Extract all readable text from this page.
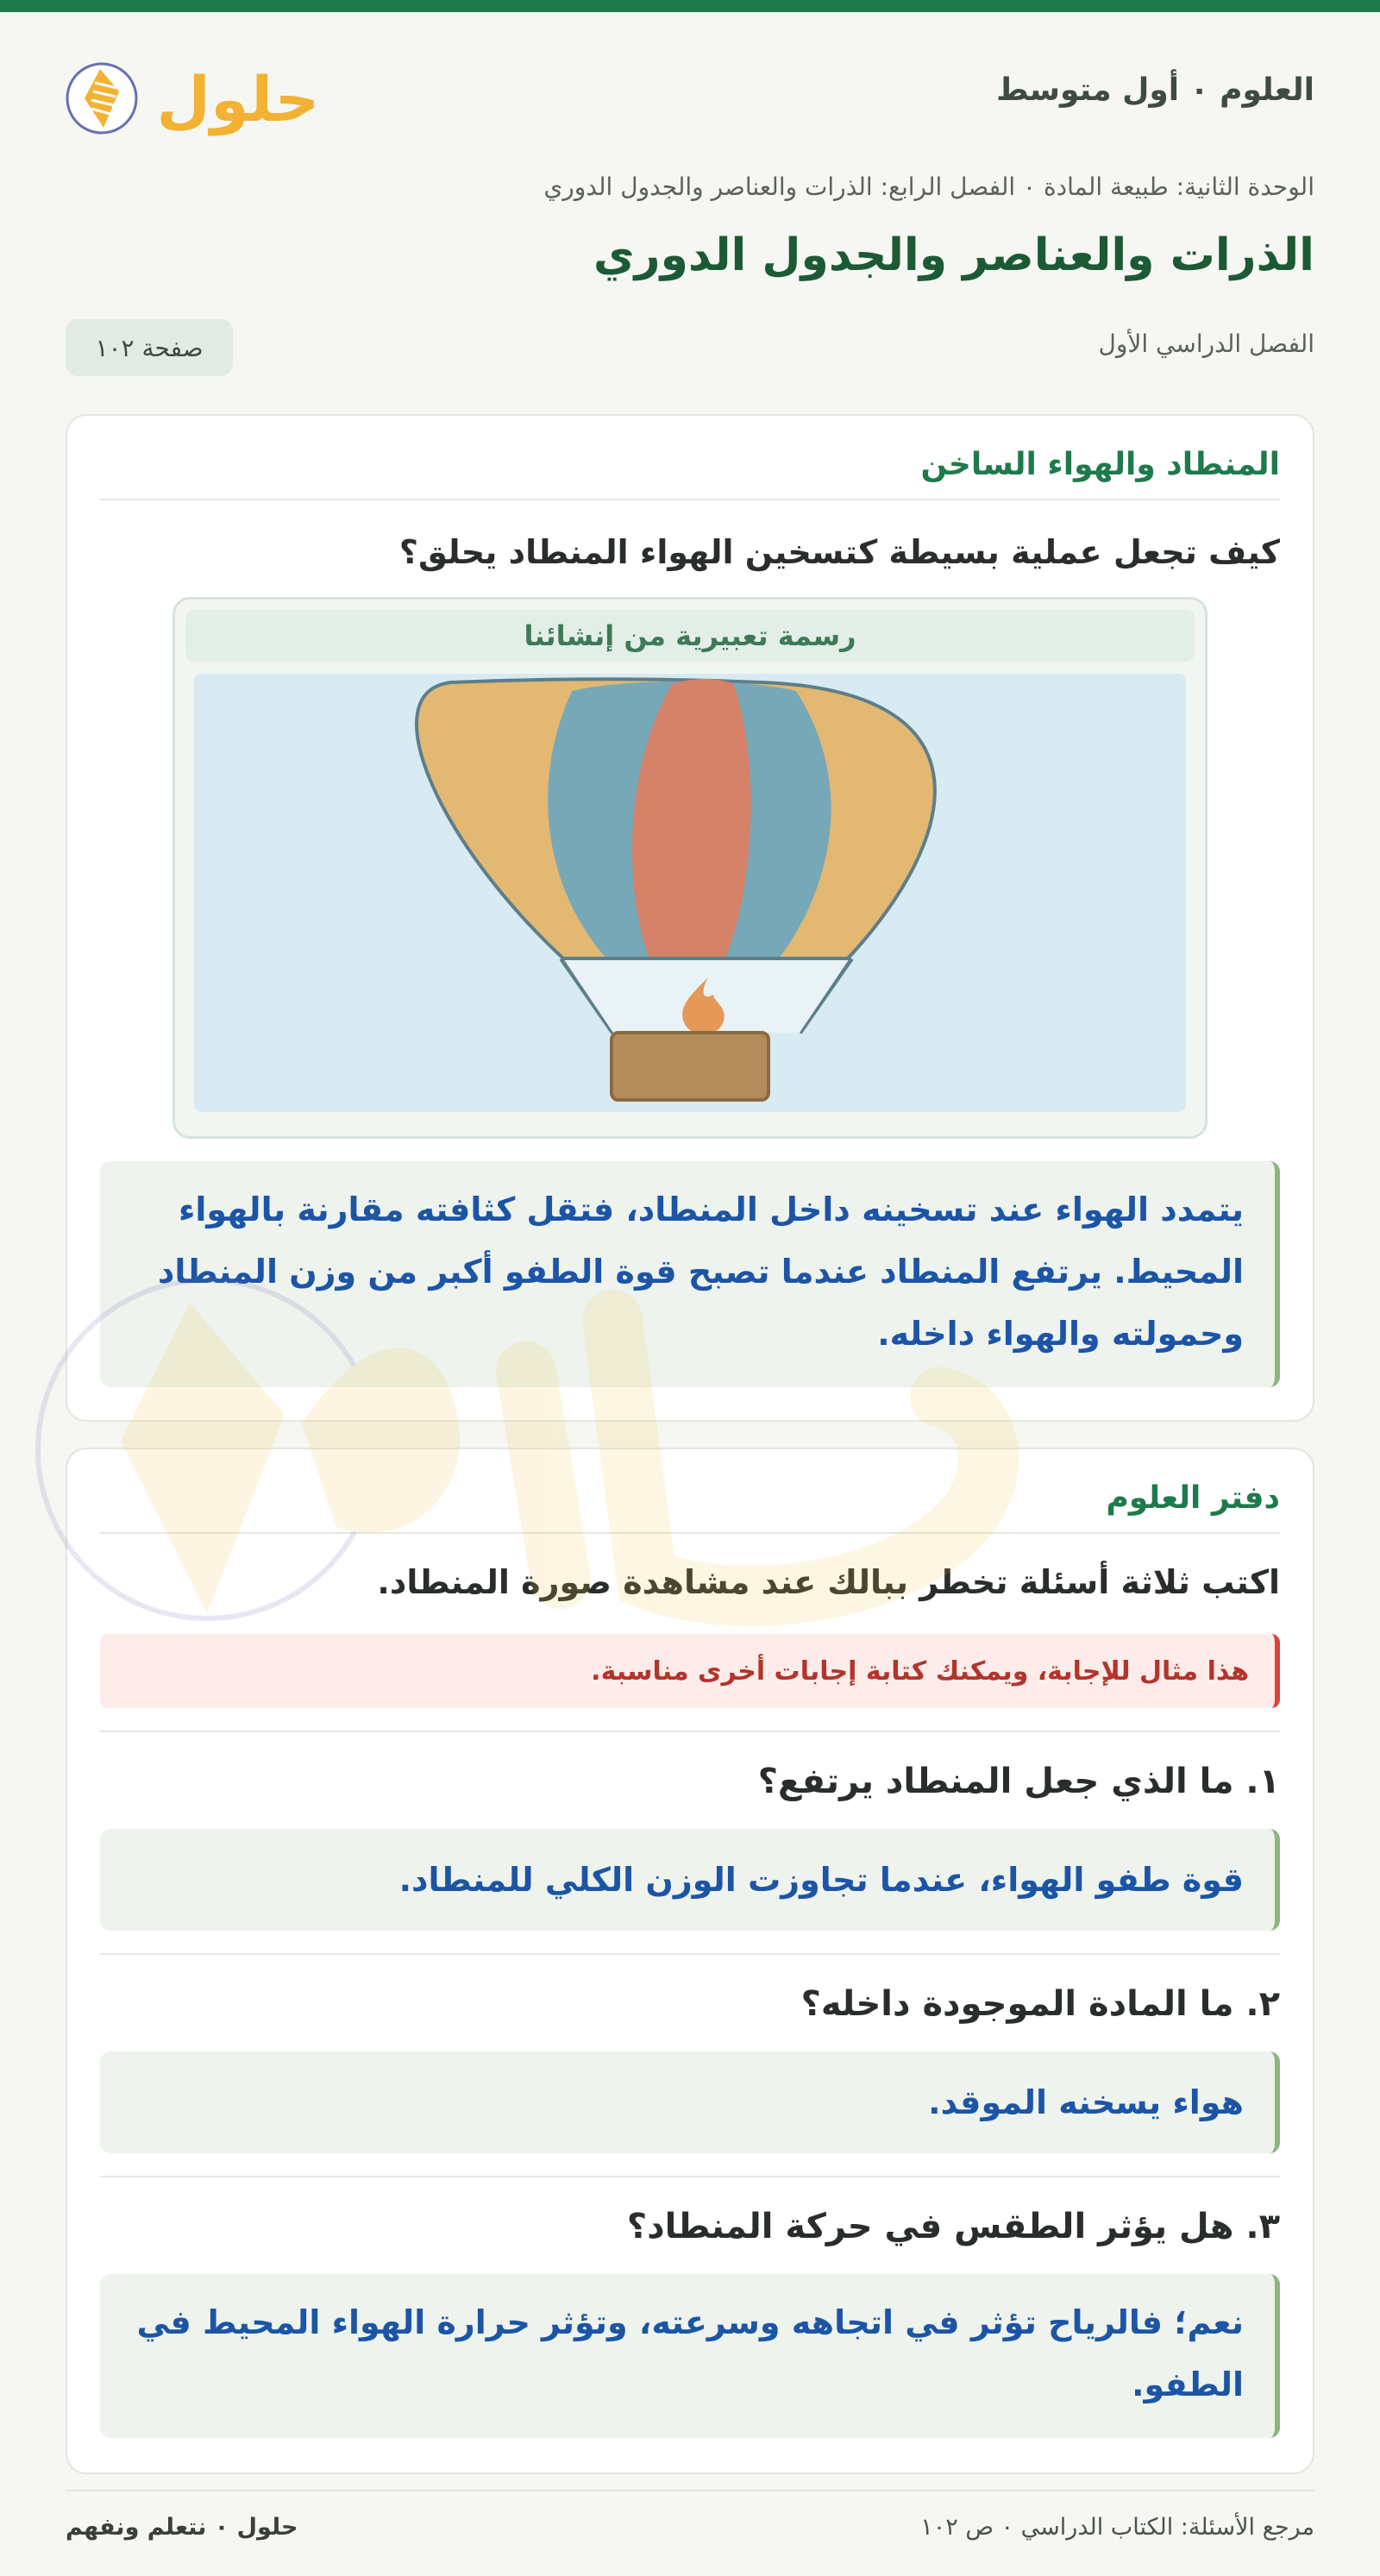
العلوم ٠ أول متوسط
حلول
الوحدة الثانية: طبيعة المادة ٠ الفصل الرابع: الذرات والعناصر والجدول الدوري
الذرات والعناصر والجدول الدوري
الفصل الدراسي الأول
صفحة ١٠٢
المنطاد والهواء الساخن
كيف تجعل عملية بسيطة كتسخين الهواء المنطاد يحلق؟
رسمة تعبيرية من إنشائنا
يتمدد الهواء عند تسخينه داخل المنطاد، فتقل كثافته مقارنة بالهواء المحيط. يرتفع المنطاد عندما تصبح قوة الطفو أكبر من وزن المنطاد وحمولته والهواء داخله.
دفتر العلوم
اكتب ثلاثة أسئلة تخطر ببالك عند مشاهدة صورة المنطاد.
هذا مثال للإجابة، ويمكنك كتابة إجابات أخرى مناسبة.
١. ما الذي جعل المنطاد يرتفع؟
قوة طفو الهواء، عندما تجاوزت الوزن الكلي للمنطاد.
٢. ما المادة الموجودة داخله؟
هواء يسخنه الموقد.
٣. هل يؤثر الطقس في حركة المنطاد؟
نعم؛ فالرياح تؤثر في اتجاهه وسرعته، وتؤثر حرارة الهواء المحيط في الطفو.
مرجع الأسئلة: الكتاب الدراسي ٠ ص ١٠٢
حلول ٠ نتعلم ونفهم
